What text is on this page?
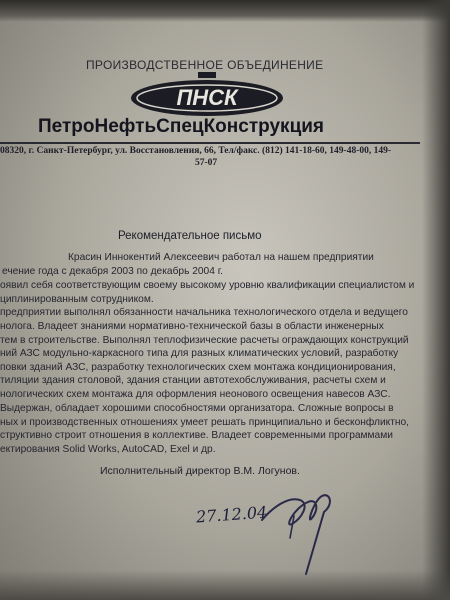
ПРОИЗВОДСТВЕННОЕ ОБЪЕДИНЕНИЕ
ПНСК
ПетроНефтьСпецКонструкция
08320, г. Санкт-Петербург, ул. Восстановления, 66, Тел/факс. (812) 141-18-60, 149-48-00, 149-
57-07
Рекомендательное письмо
Красин Иннокентий Алексеевич работал на нашем предприятии
ечение года с декабря 2003 по декабрь 2004 г.
оявил себя соответствующим своему высокому уровню квалификации специалистом и
циплинированным сотрудником.
предприятии выполнял обязанности начальника технологического отдела и ведущего
нолога. Владеет знаниями нормативно-технической базы в области инженерных
тем в строительстве. Выполнял теплофизические расчеты ограждающих конструкций
ний АЗС модульно-каркасного типа для разных климатических условий, разработку
повки зданий АЗС, разработку технологических схем монтажа кондиционирования,
тиляции здания столовой, здания станции автотехобслуживания, расчеты схем и
нологических схем монтажа для оформления неонового освещения навесов АЗС.
Выдержан, обладает хорошими способностями организатора. Сложные вопросы в
ных и производственных отношениях умеет решать принципиально и бесконфликтно,
структивно строит отношения в коллективе. Владеет современными программами
ектирования Solid Works, AutoCAD, Exel и др.
Исполнительный директор В.М. Логунов.
27.12.04
